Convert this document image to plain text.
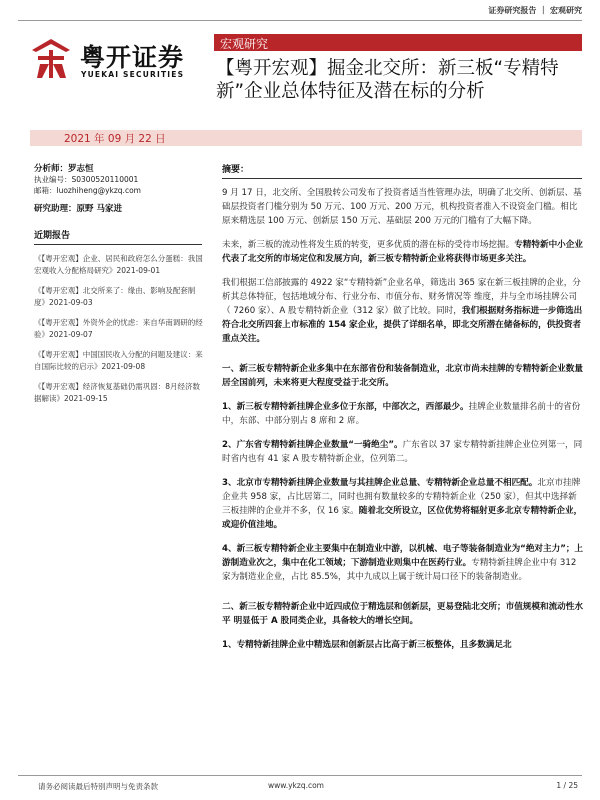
证券研究报告 ｜ 宏观研究
粤开证券
YUEKAI SECURITIES
宏观研究
【粤开宏观】掘金北交所：新三板“专精特新”企业总体特征及潜在标的分析
2021 年 09 月 22 日
分析师：罗志恒
执业编号：S0300520110001
邮箱：luozhiheng@ykzq.com
研究助理：原野 马家进
近期报告
《【粤开宏观】企业、居民和政府怎么分蛋糕：我国宏观收入分配格局研究》2021-09-01
《【粤开宏观】北交所来了：缘由、影响及配套制度》2021-09-03
《【粤开宏观】外资外企的忧虑：来自华南调研的经验》2021-09-07
《【粤开宏观】中国国民收入分配的问题及建议：来自国际比较的启示》2021-09-08
《【粤开宏观】经济恢复基础仍需巩固：8月经济数据解读》2021-09-15
摘要：

9 月 17 日，北交所、全国股转公司发布了投资者适当性管理办法，明确了北交所、创新层、基础层投资者门槛分别为 50 万元、100 万元、200 万元，机构投资者准入不设资金门槛。相比原来精选层 100 万元、创新层 150 万元、基础层 200 万元的门槛有了大幅下降。

未来，新三板的流动性将发生质的转变，更多优质的潜在标的受待市场挖掘。专精特新中小企业代表了北交所的市场定位和发展方向，新三板专精特新企业将获得市场更多关注。

我们根据工信部披露的 4922 家“专精特新”企业名单，筛选出 365 家在新三板挂牌的企业，分析其总体特征，包括地域分布、行业分布、市值分布、财务情况等 维度，并与全市场挂牌公司（ 7260 家）、A 股专精特新企业（312 家）做了比较。同时，我们根据财务指标进一步筛选出符合北交所四套上市标准的 154 家企业，提供了详细名单，即北交所潜在储备标的，供投资者重点关注。

一、新三板专精特新企业多集中在东部省份和装备制造业，北京市尚未挂牌的专精特新企业数量居全国前列，未来将更大程度受益于北交所。

1、新三板专精特新挂牌企业多位于东部，中部次之，西部最少。挂牌企业数量排名前十的省份中，东部、中部分别占 8 席和 2 席。

2、广东省专精特新挂牌企业数量“一骑绝尘”。广东省以 37 家专精特新挂牌企业位列第一，同时省内也有 41 家 A 股专精特新企业，位列第二。

3、北京市专精特新挂牌企业数量与其挂牌企业总量、专精特新企业总量不相匹配。北京市挂牌企业共 958 家，占比居第二，同时也拥有数量较多的专精特新企业（250 家），但其中选择新三板挂牌的企业并不多，仅 16 家。随着北交所设立，区位优势将辐射更多北京专精特新企业，或迎价值洼地。

4、新三板专精特新企业主要集中在制造业中游，以机械、电子等装备制造业为“绝对主力”；上游制造业次之，集中在化工领域；下游制造业则集中在医药行业。专精特新挂牌企业中有 312 家为制造业企业，占比 85.5%，其中九成以上属于统计局口径下的装备制造业。

二、新三板专精特新企业中近四成位于精选层和创新层，更易登陆北交所；市值规模和流动性水平 明显低于 A 股同类企业，具备较大的增长空间。

1、专精特新挂牌企业中精选层和创新层占比高于新三板整体，且多数满足北

请务必阅读最后特别声明与免责条款	www.ykzq.com	1 / 25
